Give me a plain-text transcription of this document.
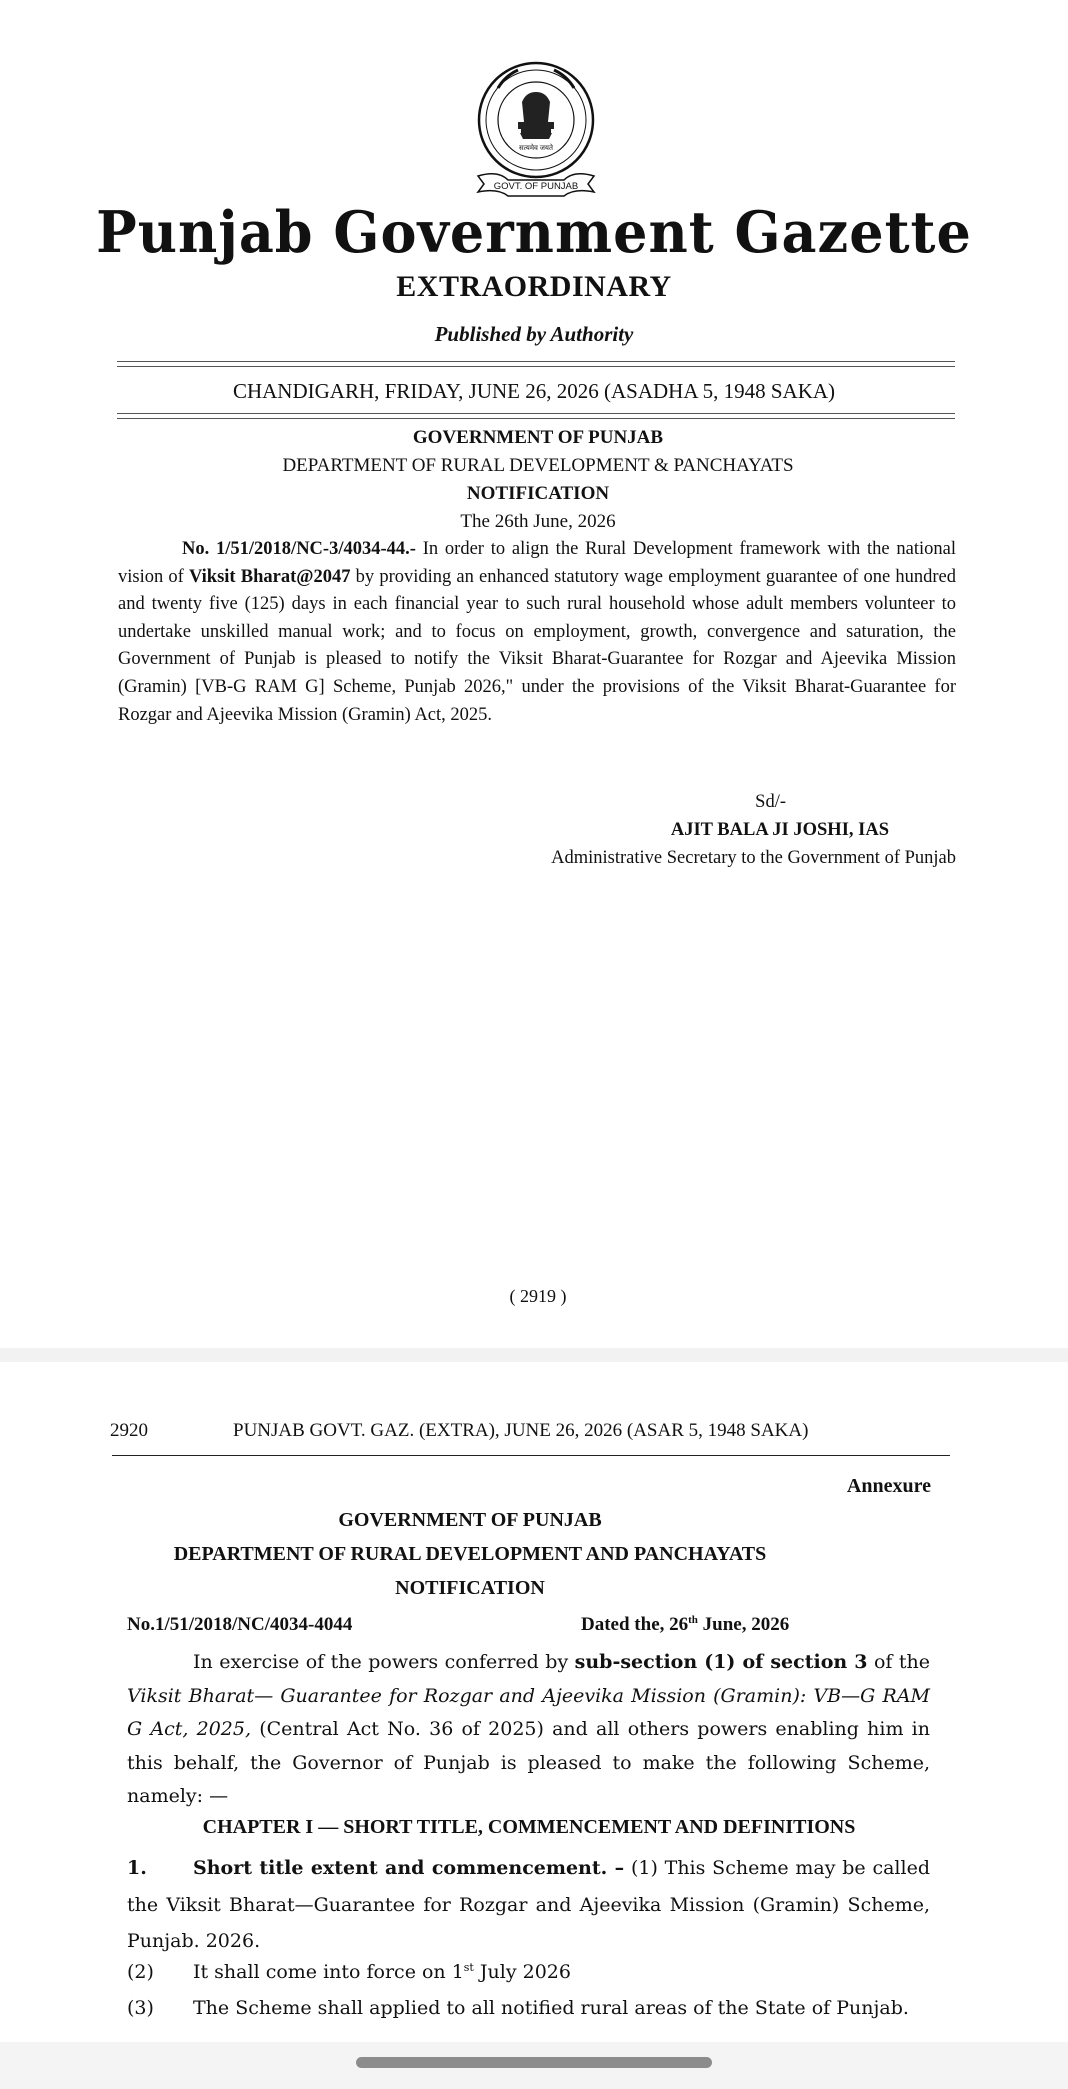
सत्यमेव जयते
GOVT. OF PUNJAB
Punjab Government Gazette
EXTRAORDINARY
Published by Authority
CHANDIGARH, FRIDAY, JUNE 26, 2026 (ASADHA 5, 1948 SAKA)
GOVERNMENT OF PUNJAB
DEPARTMENT OF RURAL DEVELOPMENT & PANCHAYATS
NOTIFICATION
The 26th June, 2026
No. 1/51/2018/NC-3/4034-44.- In order to align the Rural Development framework with the national vision of Viksit Bharat@2047 by providing an enhanced statutory wage employment guarantee of one hundred and twenty five (125) days in each financial year to such rural household whose adult members volunteer to undertake unskilled manual work; and to focus on employment, growth, convergence and saturation, the Government of Punjab is pleased to notify the Viksit Bharat-Guarantee for Rozgar and Ajeevika Mission (Gramin) [VB-G RAM G] Scheme, Punjab 2026," under the provisions of the Viksit Bharat-Guarantee for Rozgar and Ajeevika Mission (Gramin) Act, 2025.
Sd/-
AJIT BALA JI JOSHI, IAS
Administrative Secretary to the Government of Punjab
( 2919 )
2920	PUNJAB GOVT. GAZ. (EXTRA), JUNE 26, 2026 (ASAR 5, 1948 SAKA)
Annexure
GOVERNMENT OF PUNJAB
DEPARTMENT OF RURAL DEVELOPMENT AND PANCHAYATS
NOTIFICATION
No.1/51/2018/NC/4034-4044	Dated the, 26th June, 2026
In exercise of the powers conferred by sub-section (1) of section 3 of the Viksit Bharat— Guarantee for Rozgar and Ajeevika Mission (Gramin): VB—G RAM G Act, 2025, (Central Act No. 36 of 2025) and all others powers enabling him in this behalf, the Governor of Punjab is pleased to make the following Scheme, namely: —
CHAPTER I — SHORT TITLE, COMMENCEMENT AND DEFINITIONS
1. Short title extent and commencement. – (1) This Scheme may be called the Viksit Bharat—Guarantee for Rozgar and Ajeevika Mission (Gramin) Scheme, Punjab. 2026.
(2) It shall come into force on 1st July 2026
(3) The Scheme shall applied to all notified rural areas of the State of Punjab.
